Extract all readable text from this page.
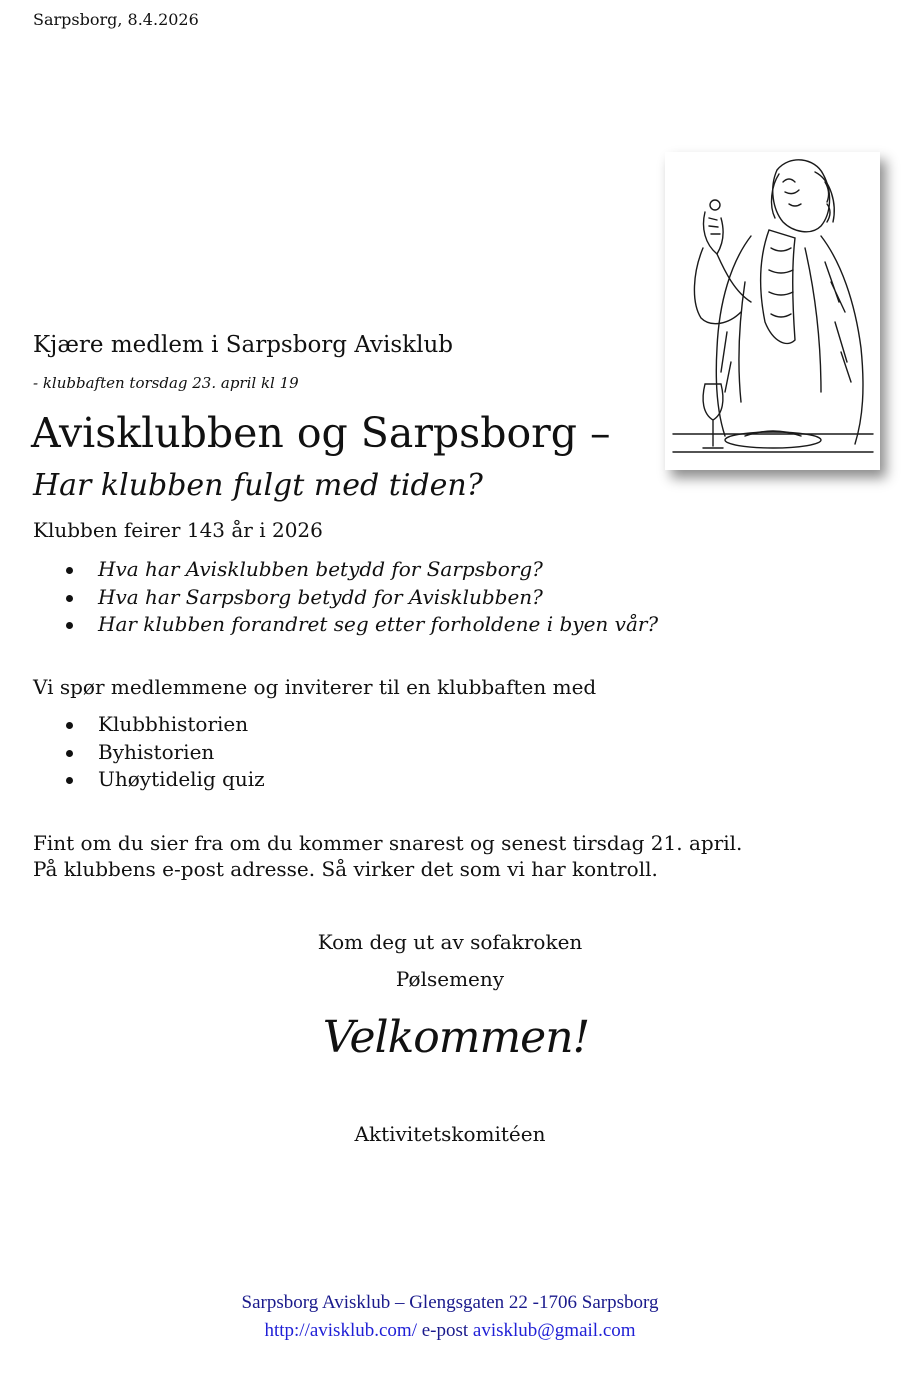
Sarpsborg, 8.4.2026
Kjære medlem i Sarpsborg Avisklub
- klubbaften torsdag 23. april kl 19
Avisklubben og Sarpsborg –
Har klubben fulgt med tiden?
Klubben feirer 143 år i 2026
Hva har Avisklubben betydd for Sarpsborg?
Hva har Sarpsborg betydd for Avisklubben?
Har klubben forandret seg etter forholdene i byen vår?
Vi spør medlemmene og inviterer til en klubbaften med
Klubbhistorien
Byhistorien
Uhøytidelig quiz
Fint om du sier fra om du kommer snarest og senest tirsdag 21. april.
På klubbens e-post adresse. Så virker det som vi har kontroll.
Kom deg ut av sofakroken
Pølsemeny
Velkommen!
Aktivitetskomitéen
Sarpsborg Avisklub – Glengsgaten 22 -1706 Sarpsborg
http://avisklub.com/ e-post avisklub@gmail.com
